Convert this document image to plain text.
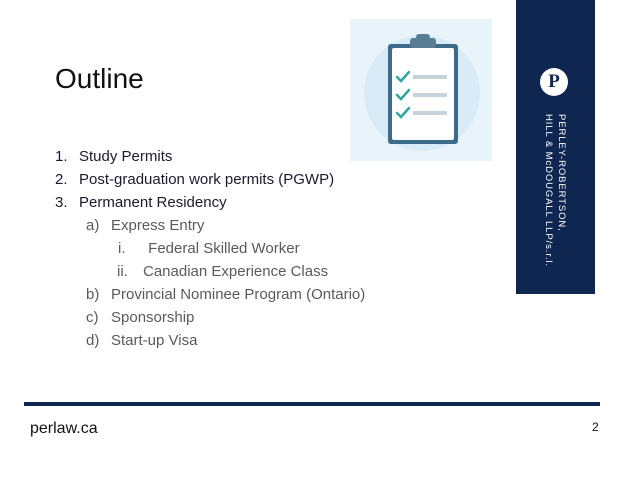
Outline
1. Study Permits
2. Post-graduation work permits (PGWP)
3. Permanent Residency
a) Express Entry
i. Federal Skilled Worker
ii. Canadian Experience Class
b) Provincial Nominee Program (Ontario)
c) Sponsorship
d) Start-up Visa
P
PERLEY-ROBERTSON,
HILL & McDOUGALL LLP/s.r.l.
perlaw.ca	2
